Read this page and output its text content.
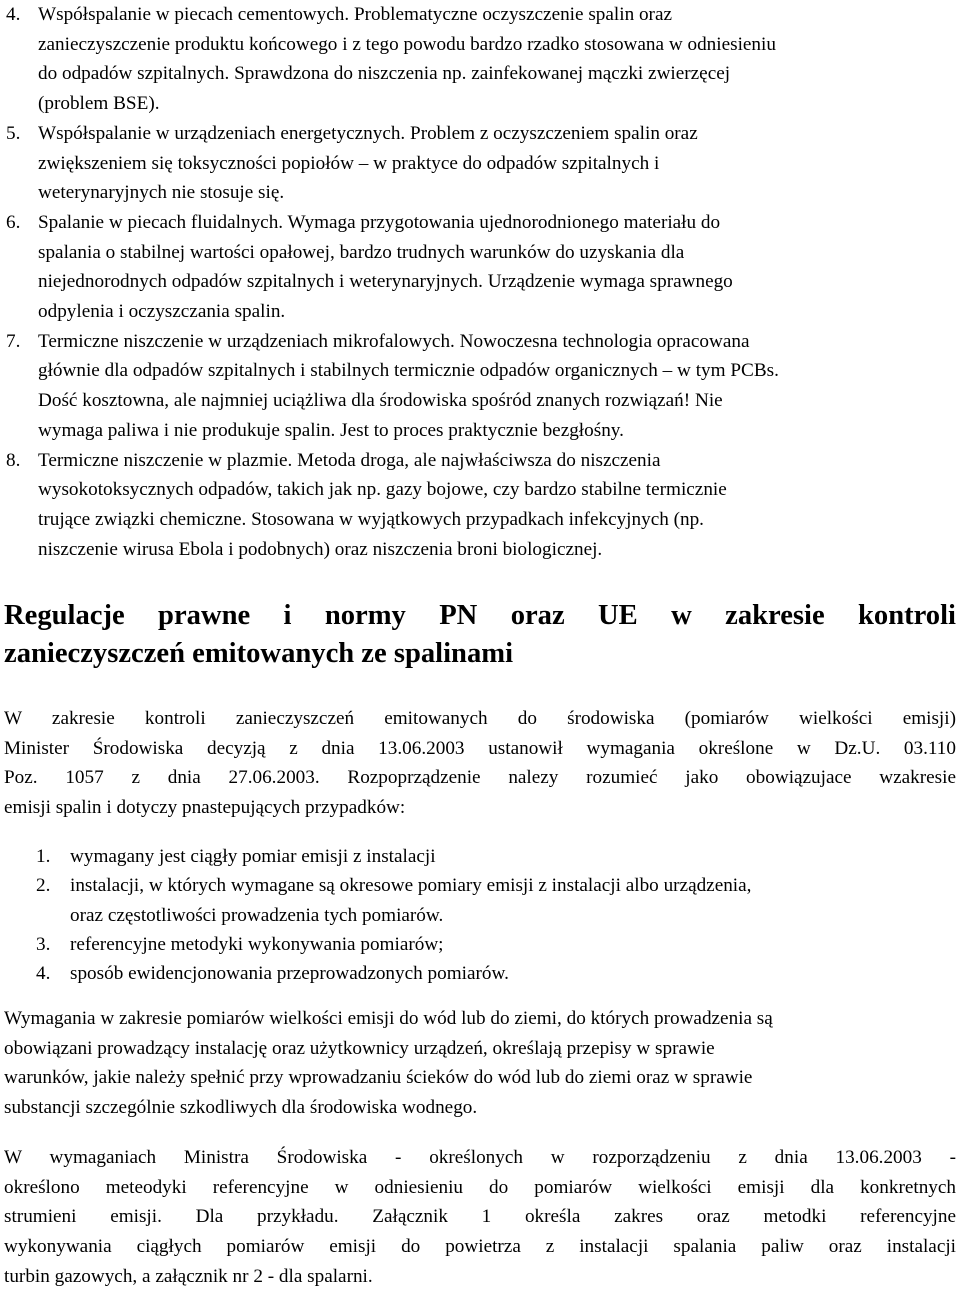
4. Współspalanie w piecach cementowych. Problematyczne oczyszczenie spalin oraz
zanieczyszczenie produktu końcowego i z tego powodu bardzo rzadko stosowana w odniesieniu
do odpadów szpitalnych. Sprawdzona do niszczenia np. zainfekowanej mączki zwierzęcej
(problem BSE).
5. Współspalanie w urządzeniach energetycznych. Problem z oczyszczeniem spalin oraz
zwiększeniem się toksyczności popiołów – w praktyce do odpadów szpitalnych i
weterynaryjnych nie stosuje się.
6. Spalanie w piecach fluidalnych. Wymaga przygotowania ujednorodnionego materiału do
spalania o stabilnej wartości opałowej, bardzo trudnych warunków do uzyskania dla
niejednorodnych odpadów szpitalnych i weterynaryjnych. Urządzenie wymaga sprawnego
odpylenia i oczyszczania spalin.
7. Termiczne niszczenie w urządzeniach mikrofalowych. Nowoczesna technologia opracowana
głównie dla odpadów szpitalnych i stabilnych termicznie odpadów organicznych – w tym PCBs.
Dość kosztowna, ale najmniej uciążliwa dla środowiska spośród znanych rozwiązań! Nie
wymaga paliwa i nie produkuje spalin. Jest to proces praktycznie bezgłośny.
8. Termiczne niszczenie w plazmie. Metoda droga, ale najwłaściwsza do niszczenia
wysokotoksycznych odpadów, takich jak np. gazy bojowe, czy bardzo stabilne termicznie
trujące związki chemiczne. Stosowana w wyjątkowych przypadkach infekcyjnych (np.
niszczenie wirusa Ebola i podobnych) oraz niszczenia broni biologicznej.
Regulacje prawne i normy PN oraz UE w zakresie kontroli
zanieczyszczeń emitowanych ze spalinami
W zakresie kontroli zanieczyszczeń emitowanych do środowiska (pomiarów wielkości emisji)
Minister Środowiska decyzją z dnia 13.06.2003 ustanowił wymagania określone w Dz.U. 03.110
Poz. 1057 z dnia 27.06.2003. Rozpoprządzenie nalezy rozumieć jako obowiązujace wzakresie
emisji spalin i dotyczy pnastepujących przypadków:
1.	wymagany jest ciągły pomiar emisji z instalacji
2.	instalacji, w których wymagane są okresowe pomiary emisji z instalacji albo urządzenia,
oraz częstotliwości prowadzenia tych pomiarów.
3.	referencyjne metodyki wykonywania pomiarów;
4.	sposób ewidencjonowania przeprowadzonych pomiarów.
Wymagania w zakresie pomiarów wielkości emisji do wód lub do ziemi, do których prowadzenia są
obowiązani prowadzący instalację oraz użytkownicy urządzeń, określają przepisy w sprawie
warunków, jakie należy spełnić przy wprowadzaniu ścieków do wód lub do ziemi oraz w sprawie
substancji szczególnie szkodliwych dla środowiska wodnego.
W wymaganiach Ministra Środowiska - określonych w rozporządzeniu z dnia 13.06.2003 -
określono meteodyki referencyjne w odniesieniu do pomiarów wielkości emisji dla konkretnych
strumieni emisji. Dla przykładu. Załącznik 1 określa zakres oraz metodki referencyjne
wykonywania ciągłych pomiarów emisji do powietrza z instalacji spalania paliw oraz instalacji
turbin gazowych, a załącznik nr 2 - dla spalarni.
